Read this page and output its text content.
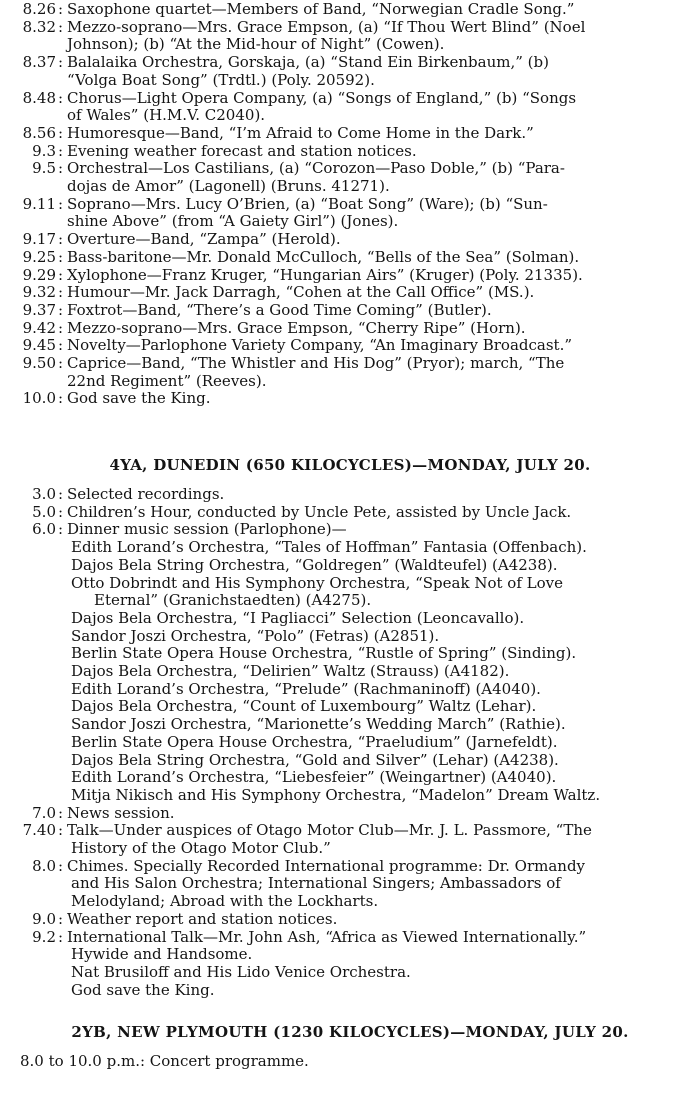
8.26 : Saxophone quartet—Members of Band, “Norwegian Cradle Song.”
8.32 : Mezzo-soprano—Mrs. Grace Empson, (a) “If Thou Wert Blind” (Noel
Johnson); (b) “At the Mid-hour of Night” (Cowen).
8.37 : Balalaika Orchestra, Gorskaja, (a) “Stand Ein Birkenbaum,” (b)
“Volga Boat Song” (Trdtl.) (Poly. 20592).
8.48 : Chorus—Light Opera Company, (a) “Songs of England,” (b) “Songs
of Wales” (H.M.V. C2040).
8.56 : Humoresque—Band, “I’m Afraid to Come Home in the Dark.”
9.3 : Evening weather forecast and station notices.
9.5 : Orchestral—Los Castilians, (a) “Corozon—Paso Doble,” (b) “Para-
dojas de Amor” (Lagonell) (Bruns. 41271).
9.11 : Soprano—Mrs. Lucy O’Brien, (a) “Boat Song” (Ware); (b) “Sun-
shine Above” (from “A Gaiety Girl”) (Jones).
9.17 : Overture—Band, “Zampa” (Herold).
9.25 : Bass-baritone—Mr. Donald McCulloch, “Bells of the Sea” (Solman).
9.29 : Xylophone—Franz Kruger, “Hungarian Airs” (Kruger) (Poly. 21335).
9.32 : Humour—Mr. Jack Darragh, “Cohen at the Call Office” (MS.).
9.37 : Foxtrot—Band, “There’s a Good Time Coming” (Butler).
9.42 : Mezzo-soprano—Mrs. Grace Empson, “Cherry Ripe” (Horn).
9.45 : Novelty—Parlophone Variety Company, “An Imaginary Broadcast.”
9.50 : Caprice—Band, “The Whistler and His Dog” (Pryor); march, “The
22nd Regiment” (Reeves).
10.0 : God save the King.
4YA, DUNEDIN (650 KILOCYCLES)—MONDAY, JULY 20.
3.0 : Selected recordings.
5.0 : Children’s Hour, conducted by Uncle Pete, assisted by Uncle Jack.
6.0 : Dinner music session (Parlophone)—
Edith Lorand’s Orchestra, “Tales of Hoffman” Fantasia (Offenbach).
Dajos Bela String Orchestra, “Goldregen” (Waldteufel) (A4238).
Otto Dobrindt and His Symphony Orchestra, “Speak Not of Love
Eternal” (Granichstaedten) (A4275).
Dajos Bela Orchestra, “I Pagliacci” Selection (Leoncavallo).
Sandor Joszi Orchestra, “Polo” (Fetras) (A2851).
Berlin State Opera House Orchestra, “Rustle of Spring” (Sinding).
Dajos Bela Orchestra, “Delirien” Waltz (Strauss) (A4182).
Edith Lorand’s Orchestra, “Prelude” (Rachmaninoff) (A4040).
Dajos Bela Orchestra, “Count of Luxembourg” Waltz (Lehar).
Sandor Joszi Orchestra, “Marionette’s Wedding March” (Rathie).
Berlin State Opera House Orchestra, “Praeludium” (Jarnefeldt).
Dajos Bela String Orchestra, “Gold and Silver” (Lehar) (A4238).
Edith Lorand’s Orchestra, “Liebesfeier” (Weingartner) (A4040).
Mitja Nikisch and His Symphony Orchestra, “Madelon” Dream Waltz.
7.0 : News session.
7.40 : Talk—Under auspices of Otago Motor Club—Mr. J. L. Passmore, “The
History of the Otago Motor Club.”
8.0 : Chimes. Specially Recorded International programme: Dr. Ormandy
and His Salon Orchestra; International Singers; Ambassadors of
Melodyland; Abroad with the Lockharts.
9.0 : Weather report and station notices.
9.2 : International Talk—Mr. John Ash, “Africa as Viewed Internationally.”
Hywide and Handsome.
Nat Brusiloff and His Lido Venice Orchestra.
God save the King.
2YB, NEW PLYMOUTH (1230 KILOCYCLES)—MONDAY, JULY 20.
8.0 to 10.0 p.m.: Concert programme.
